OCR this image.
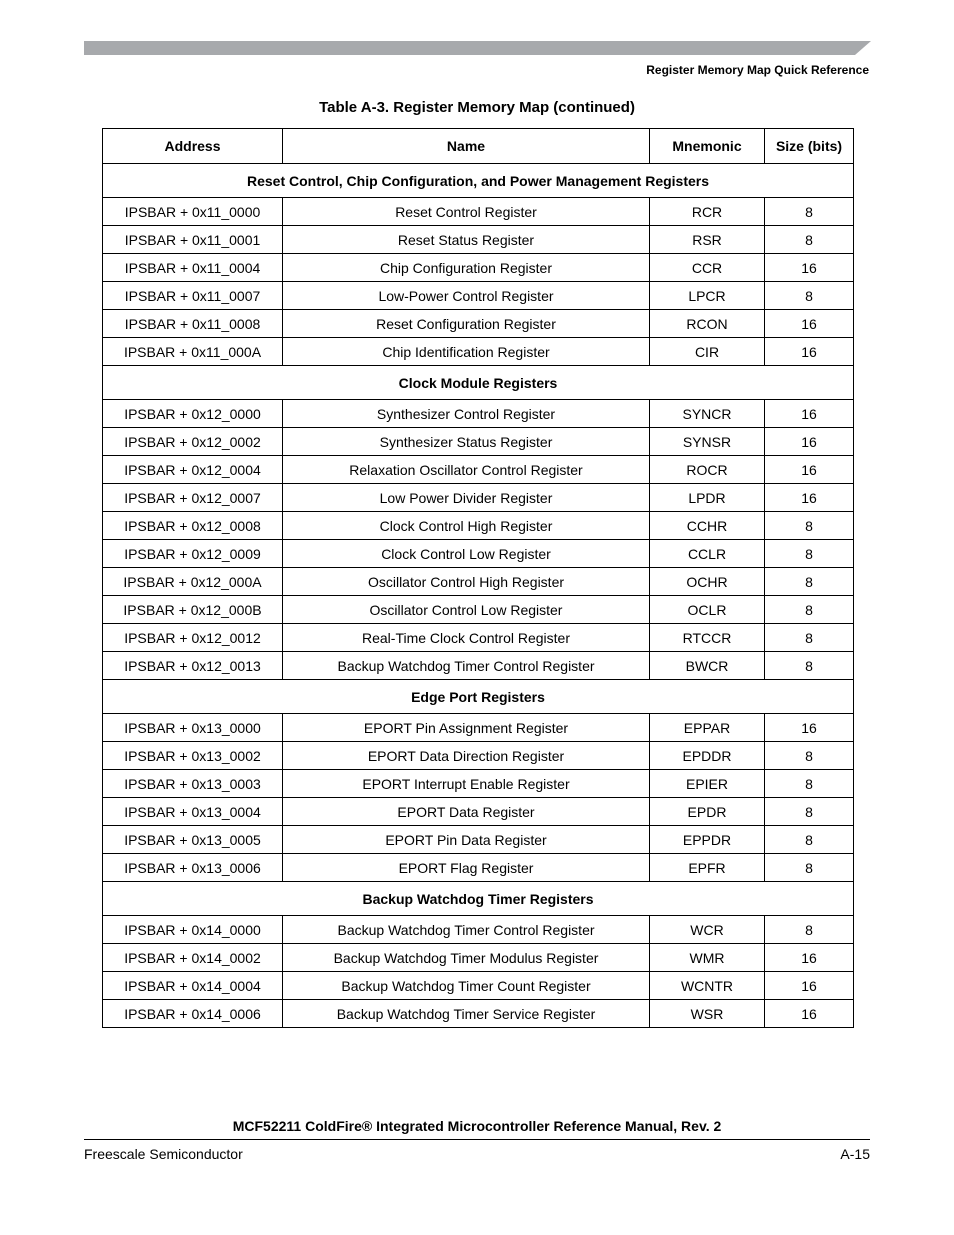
Register Memory Map Quick Reference
Table A-3. Register Memory Map (continued)
Address	Name	Mnemonic	Size (bits)
Reset Control, Chip Configuration, and Power Management Registers			
IPSBAR + 0x11_0000	Reset Control Register	RCR	8
IPSBAR + 0x11_0001	Reset Status Register	RSR	8
IPSBAR + 0x11_0004	Chip Configuration Register	CCR	16
IPSBAR + 0x11_0007	Low-Power Control Register	LPCR	8
IPSBAR + 0x11_0008	Reset Configuration Register	RCON	16
IPSBAR + 0x11_000A	Chip Identification Register	CIR	16
Clock Module Registers			
IPSBAR + 0x12_0000	Synthesizer Control Register	SYNCR	16
IPSBAR + 0x12_0002	Synthesizer Status Register	SYNSR	16
IPSBAR + 0x12_0004	Relaxation Oscillator Control Register	ROCR	16
IPSBAR + 0x12_0007	Low Power Divider Register	LPDR	16
IPSBAR + 0x12_0008	Clock Control High Register	CCHR	8
IPSBAR + 0x12_0009	Clock Control Low Register	CCLR	8
IPSBAR + 0x12_000A	Oscillator Control High Register	OCHR	8
IPSBAR + 0x12_000B	Oscillator Control Low Register	OCLR	8
IPSBAR + 0x12_0012	Real-Time Clock Control Register	RTCCR	8
IPSBAR + 0x12_0013	Backup Watchdog Timer Control Register	BWCR	8
Edge Port Registers			
IPSBAR + 0x13_0000	EPORT Pin Assignment Register	EPPAR	16
IPSBAR + 0x13_0002	EPORT Data Direction Register	EPDDR	8
IPSBAR + 0x13_0003	EPORT Interrupt Enable Register	EPIER	8
IPSBAR + 0x13_0004	EPORT Data Register	EPDR	8
IPSBAR + 0x13_0005	EPORT Pin Data Register	EPPDR	8
IPSBAR + 0x13_0006	EPORT Flag Register	EPFR	8
Backup Watchdog Timer Registers			
IPSBAR + 0x14_0000	Backup Watchdog Timer Control Register	WCR	8
IPSBAR + 0x14_0002	Backup Watchdog Timer Modulus Register	WMR	16
IPSBAR + 0x14_0004	Backup Watchdog Timer Count Register	WCNTR	16
IPSBAR + 0x14_0006	Backup Watchdog Timer Service Register	WSR	16
MCF52211 ColdFire® Integrated Microcontroller Reference Manual, Rev. 2
Freescale Semiconductor	A-15
